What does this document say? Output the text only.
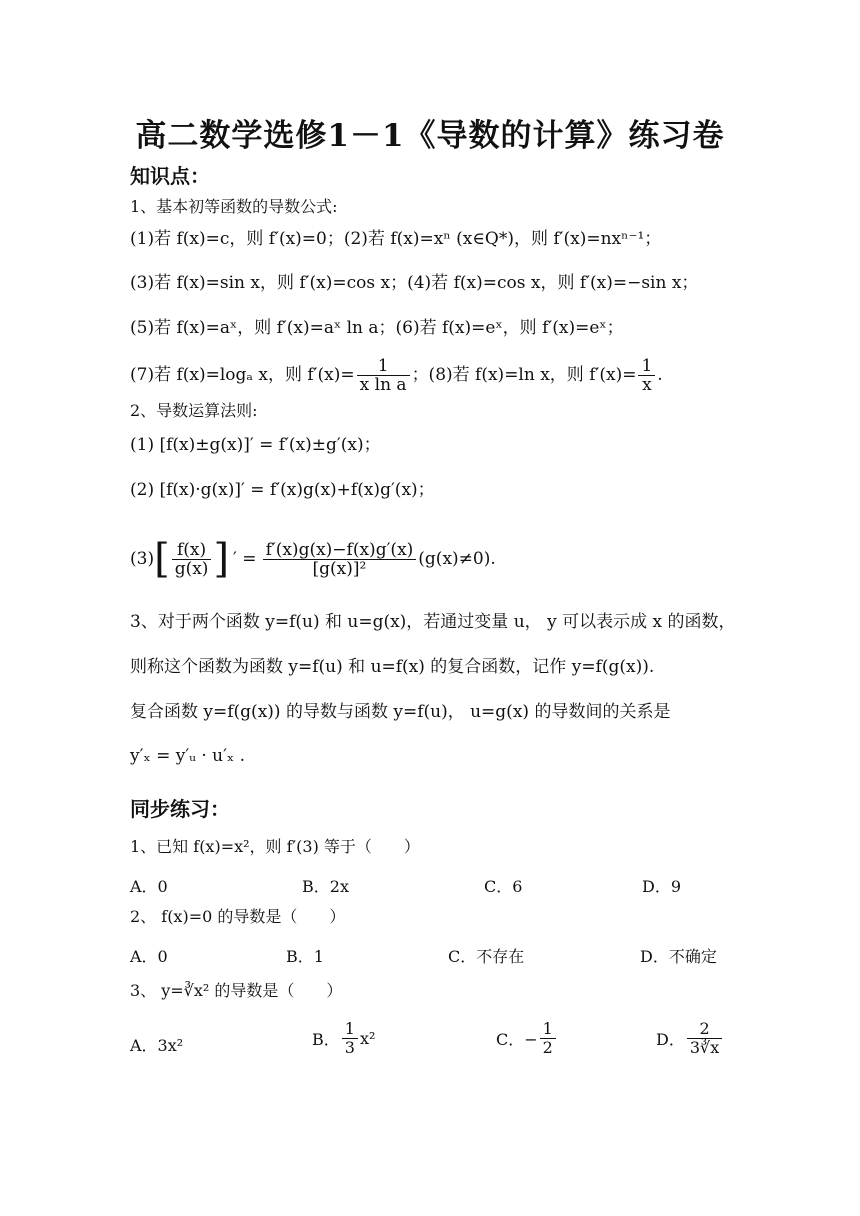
高二数学选修1－1《导数的计算》练习卷
知识点：
1、基本初等函数的导数公式:
(1)若 f(x)=c，则 f′(x)=0；(2)若 f(x)=xⁿ (x∈Q*)，则 f′(x)=nxⁿ⁻¹；
(3)若 f(x)=sin x，则 f′(x)=cos x；(4)若 f(x)=cos x，则 f′(x)=−sin x；
(5)若 f(x)=aˣ，则 f′(x)=aˣ ln a；(6)若 f(x)=eˣ，则 f′(x)=eˣ；
(7)若 f(x)=logₐ x，则 $f'(x)= \frac{1}{\text{x ln a}}$ ；(8)若 f(x)=ln x，则 $f'(x)= \frac{1}{x}$ .
2、导数运算法则:
(1) [f(x)±g(x)]′ = f′(x)±g′(x)；
(2) [f(x)·g(x)]′ = f′(x)g(x)+f(x)g′(x)；
(3) [ $\frac{f(x)}{g(x)}$ ] ′ = $\frac{f'(x)g(x)-f(x)g'(x)}{\text{[g(x)]²}} (g(x)\ne 0)$.
3、对于两个函数 y=f(u) 和 u=g(x)，若通过变量 u， y 可以表示成 x 的函数，
则称这个函数为函数 y=f(u) 和 u=f(x) 的复合函数，记作 y=f(g(x)).
复合函数 y=f(g(x)) 的导数与函数 y=f(u)， u=g(x) 的导数间的关系是
y′ₓ = y′ᵤ · u′ₓ .
同步练习：
1、已知 f(x)=x²，则 f′(3) 等于（　　）
A．0	B．2x	C．6	D．9
2、 f(x)=0 的导数是（　　）
A．0	B．1	C．不存在	D．不确定
3、 y=∛x² 的导数是（　　）
A．3x²	B． $\frac{1}{3} x^2$	C．− $\frac{1}{2}$	D． $\frac{2}{3∛x}$
